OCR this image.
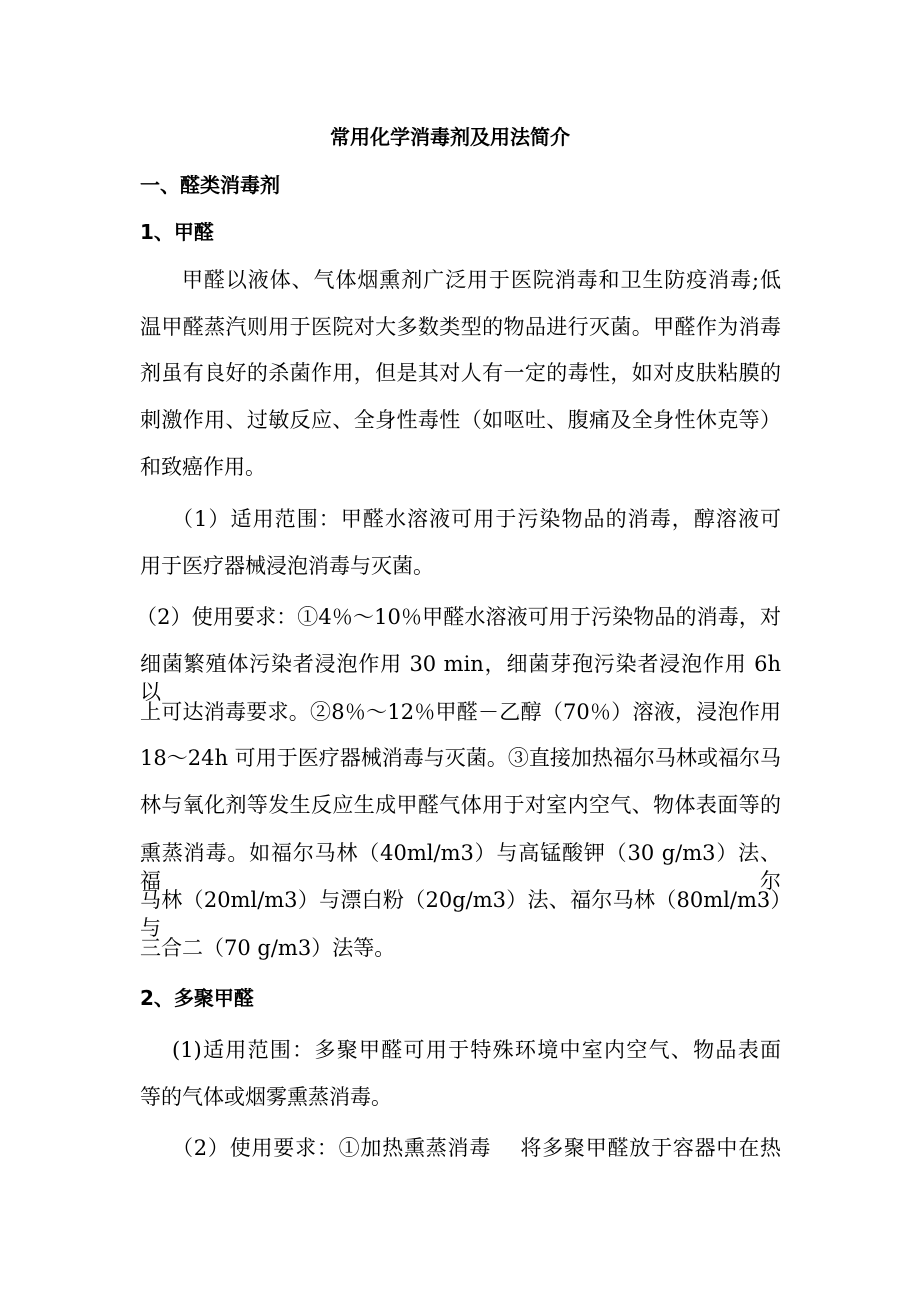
常用化学消毒剂及用法简介
一、醛类消毒剂
1、甲醛
甲醛以液体、气体烟熏剂广泛用于医院消毒和卫生防疫消毒;低
温甲醛蒸汽则用于医院对大多数类型的物品进行灭菌。甲醛作为消毒
剂虽有良好的杀菌作用，但是其对人有一定的毒性，如对皮肤粘膜的
刺激作用、过敏反应、全身性毒性（如呕吐、腹痛及全身性休克等）
和致癌作用。
（1）适用范围：甲醛水溶液可用于污染物品的消毒，醇溶液可
用于医疗器械浸泡消毒与灭菌。
（2）使用要求：①4％～10％甲醛水溶液可用于污染物品的消毒，对
细菌繁殖体污染者浸泡作用 30 min，细菌芽孢污染者浸泡作用 6h 以
上可达消毒要求。②8％～12％甲醛－乙醇（70％）溶液，浸泡作用
18～24h 可用于医疗器械消毒与灭菌。③直接加热福尔马林或福尔马
林与氧化剂等发生反应生成甲醛气体用于对室内空气、物体表面等的
熏蒸消毒。如福尔马林（40ml/m3）与高锰酸钾（30 g/m3）法、福尔
马林（20ml/m3）与漂白粉（20g/m3）法、福尔马林（80ml/m3）与
三合二（70 g/m3）法等。
2、多聚甲醛
(1)适用范围：多聚甲醛可用于特殊环境中室内空气、物品表面
等的气体或烟雾熏蒸消毒。
（2）使用要求：①加热熏蒸消毒　 将多聚甲醛放于容器中在热
